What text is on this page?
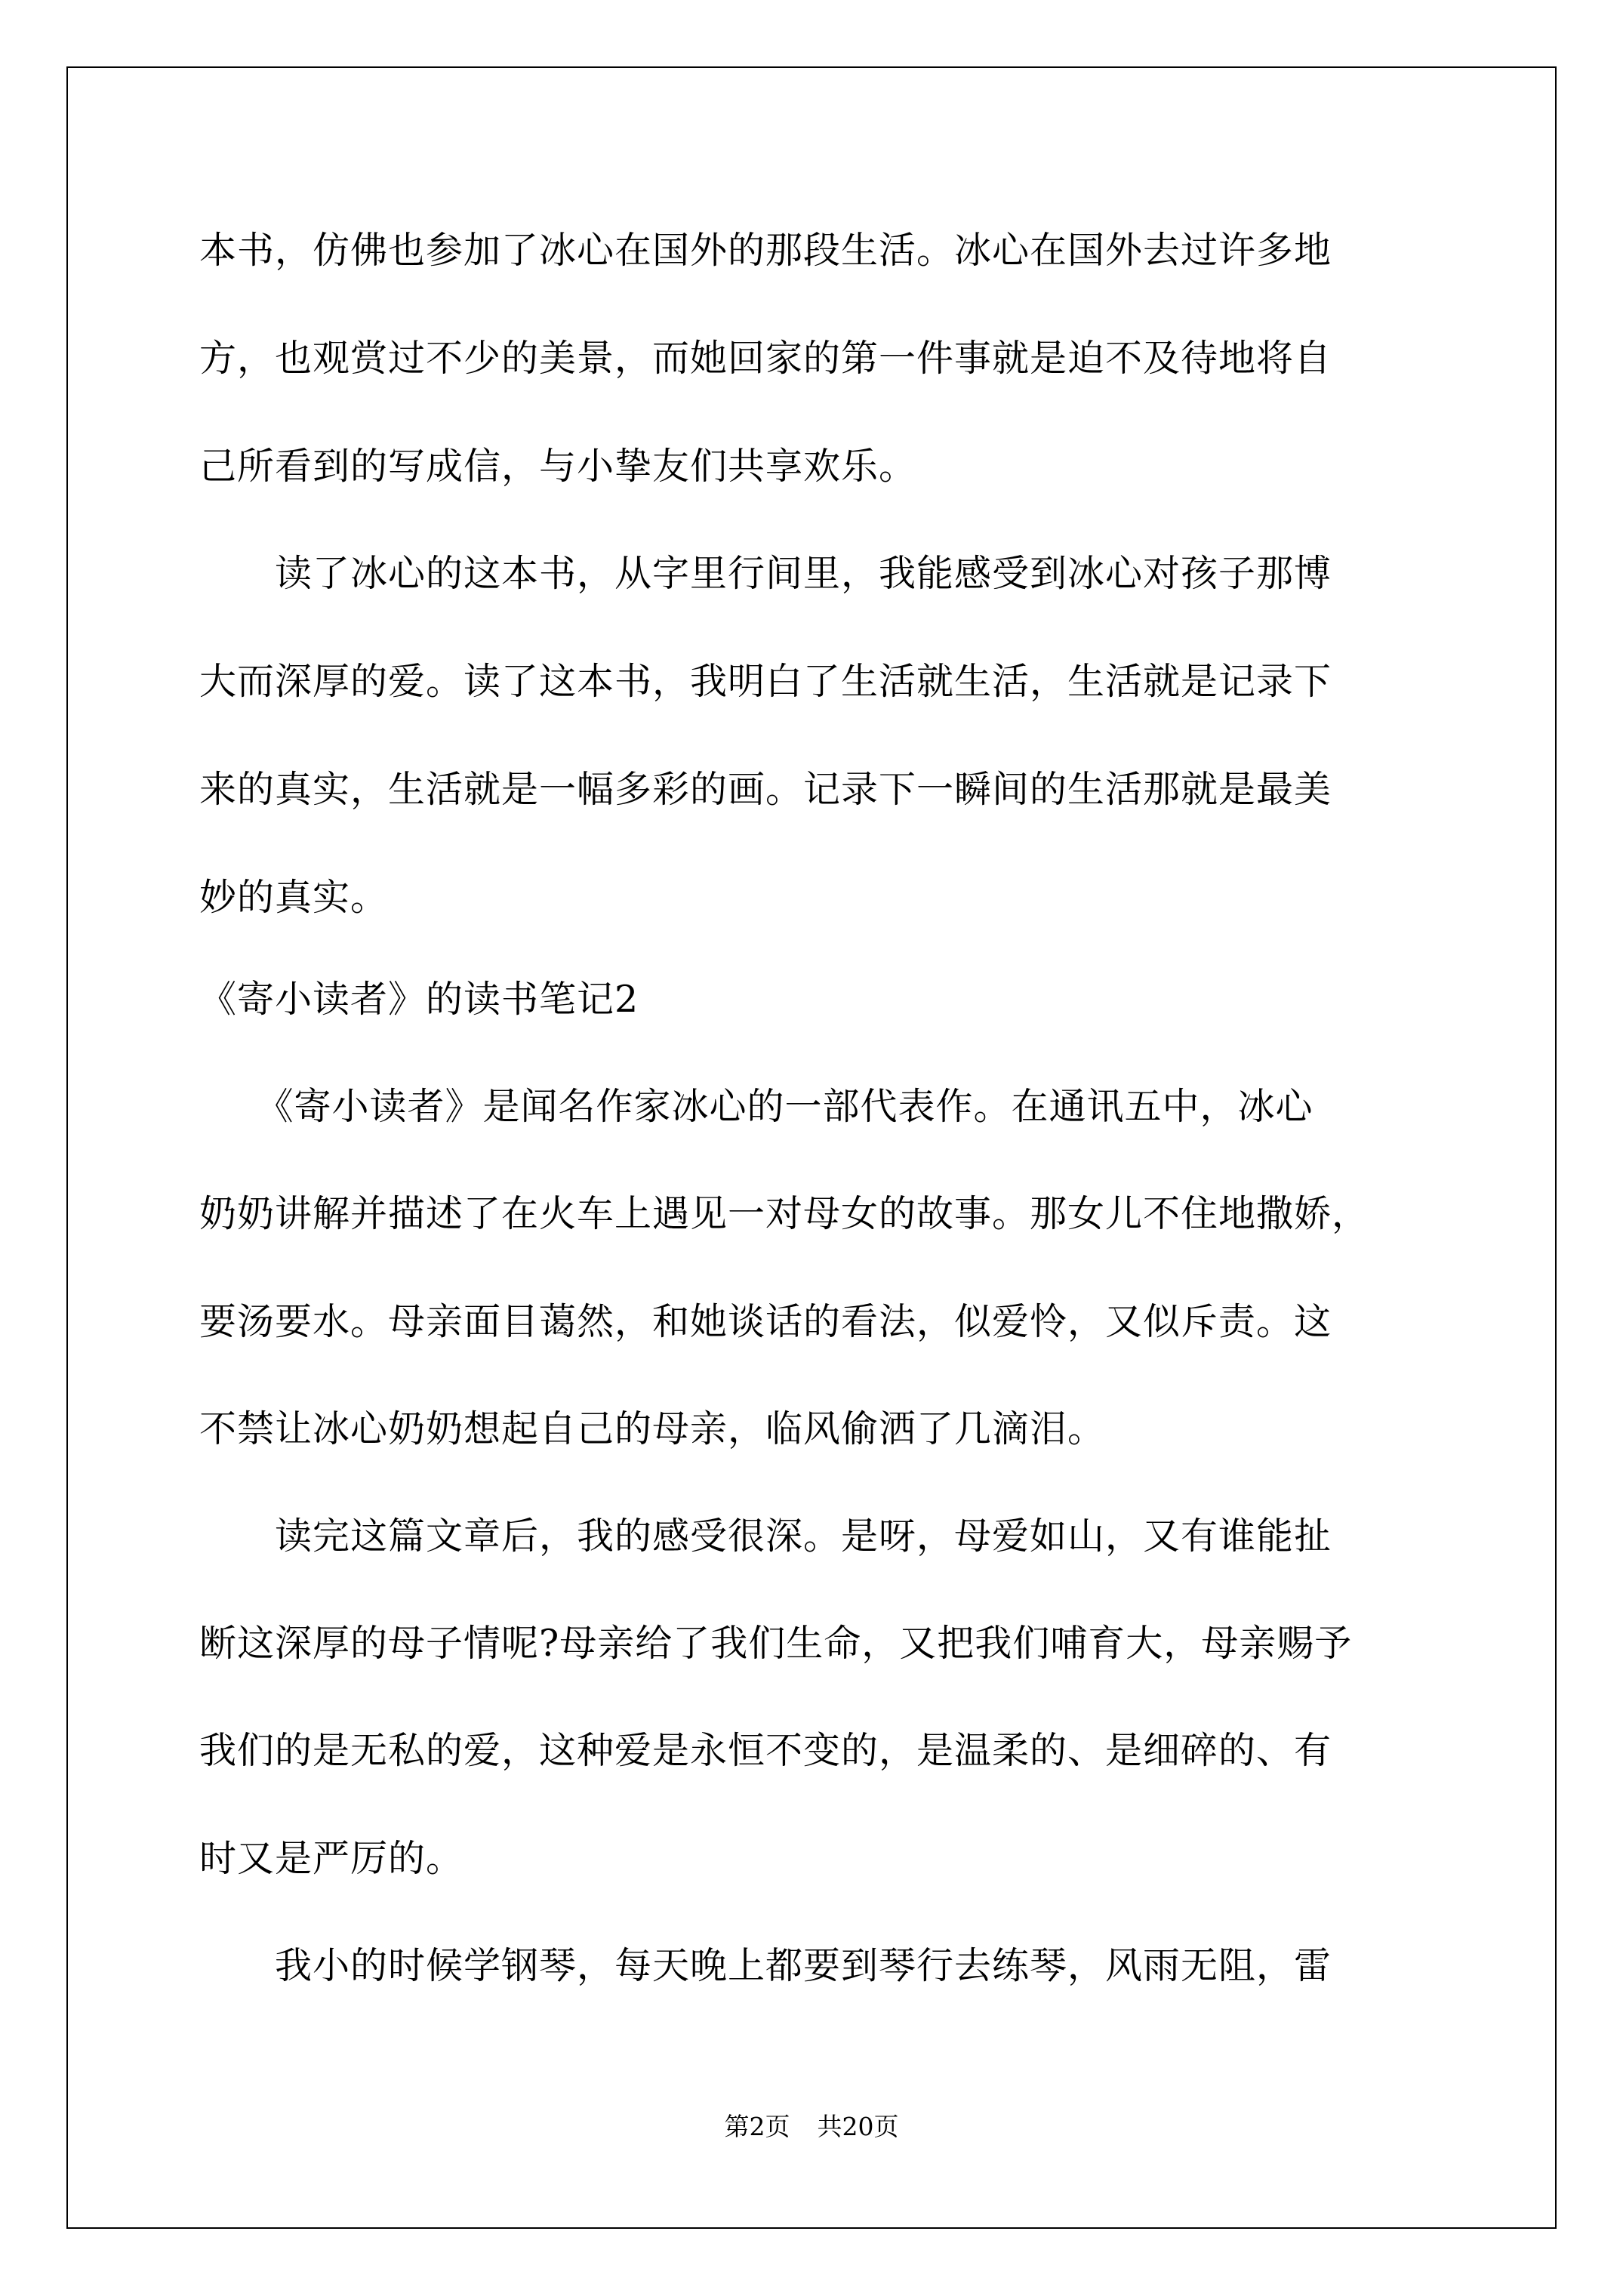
本书，仿佛也参加了冰心在国外的那段生活。冰心在国外去过许多地
方，也观赏过不少的美景，而她回家的第一件事就是迫不及待地将自
己所看到的写成信，与小挚友们共享欢乐。
　　读了冰心的这本书，从字里行间里，我能感受到冰心对孩子那博
大而深厚的爱。读了这本书，我明白了生活就生活，生活就是记录下
来的真实，生活就是一幅多彩的画。记录下一瞬间的生活那就是最美
妙的真实。
《寄小读者》的读书笔记2
　　《寄小读者》是闻名作家冰心的一部代表作。在通讯五中，冰心
奶奶讲解并描述了在火车上遇见一对母女的故事。那女儿不住地撒娇，
要汤要水。母亲面目蔼然，和她谈话的看法，似爱怜，又似斥责。这
不禁让冰心奶奶想起自己的母亲，临风偷洒了几滴泪。
　　读完这篇文章后，我的感受很深。是呀，母爱如山，又有谁能扯
断这深厚的母子情呢?母亲给了我们生命，又把我们哺育大，母亲赐予
我们的是无私的爱，这种爱是永恒不变的，是温柔的、是细碎的、有
时又是严厉的。
　　我小的时候学钢琴，每天晚上都要到琴行去练琴，风雨无阻，雷
第2页 共20页
